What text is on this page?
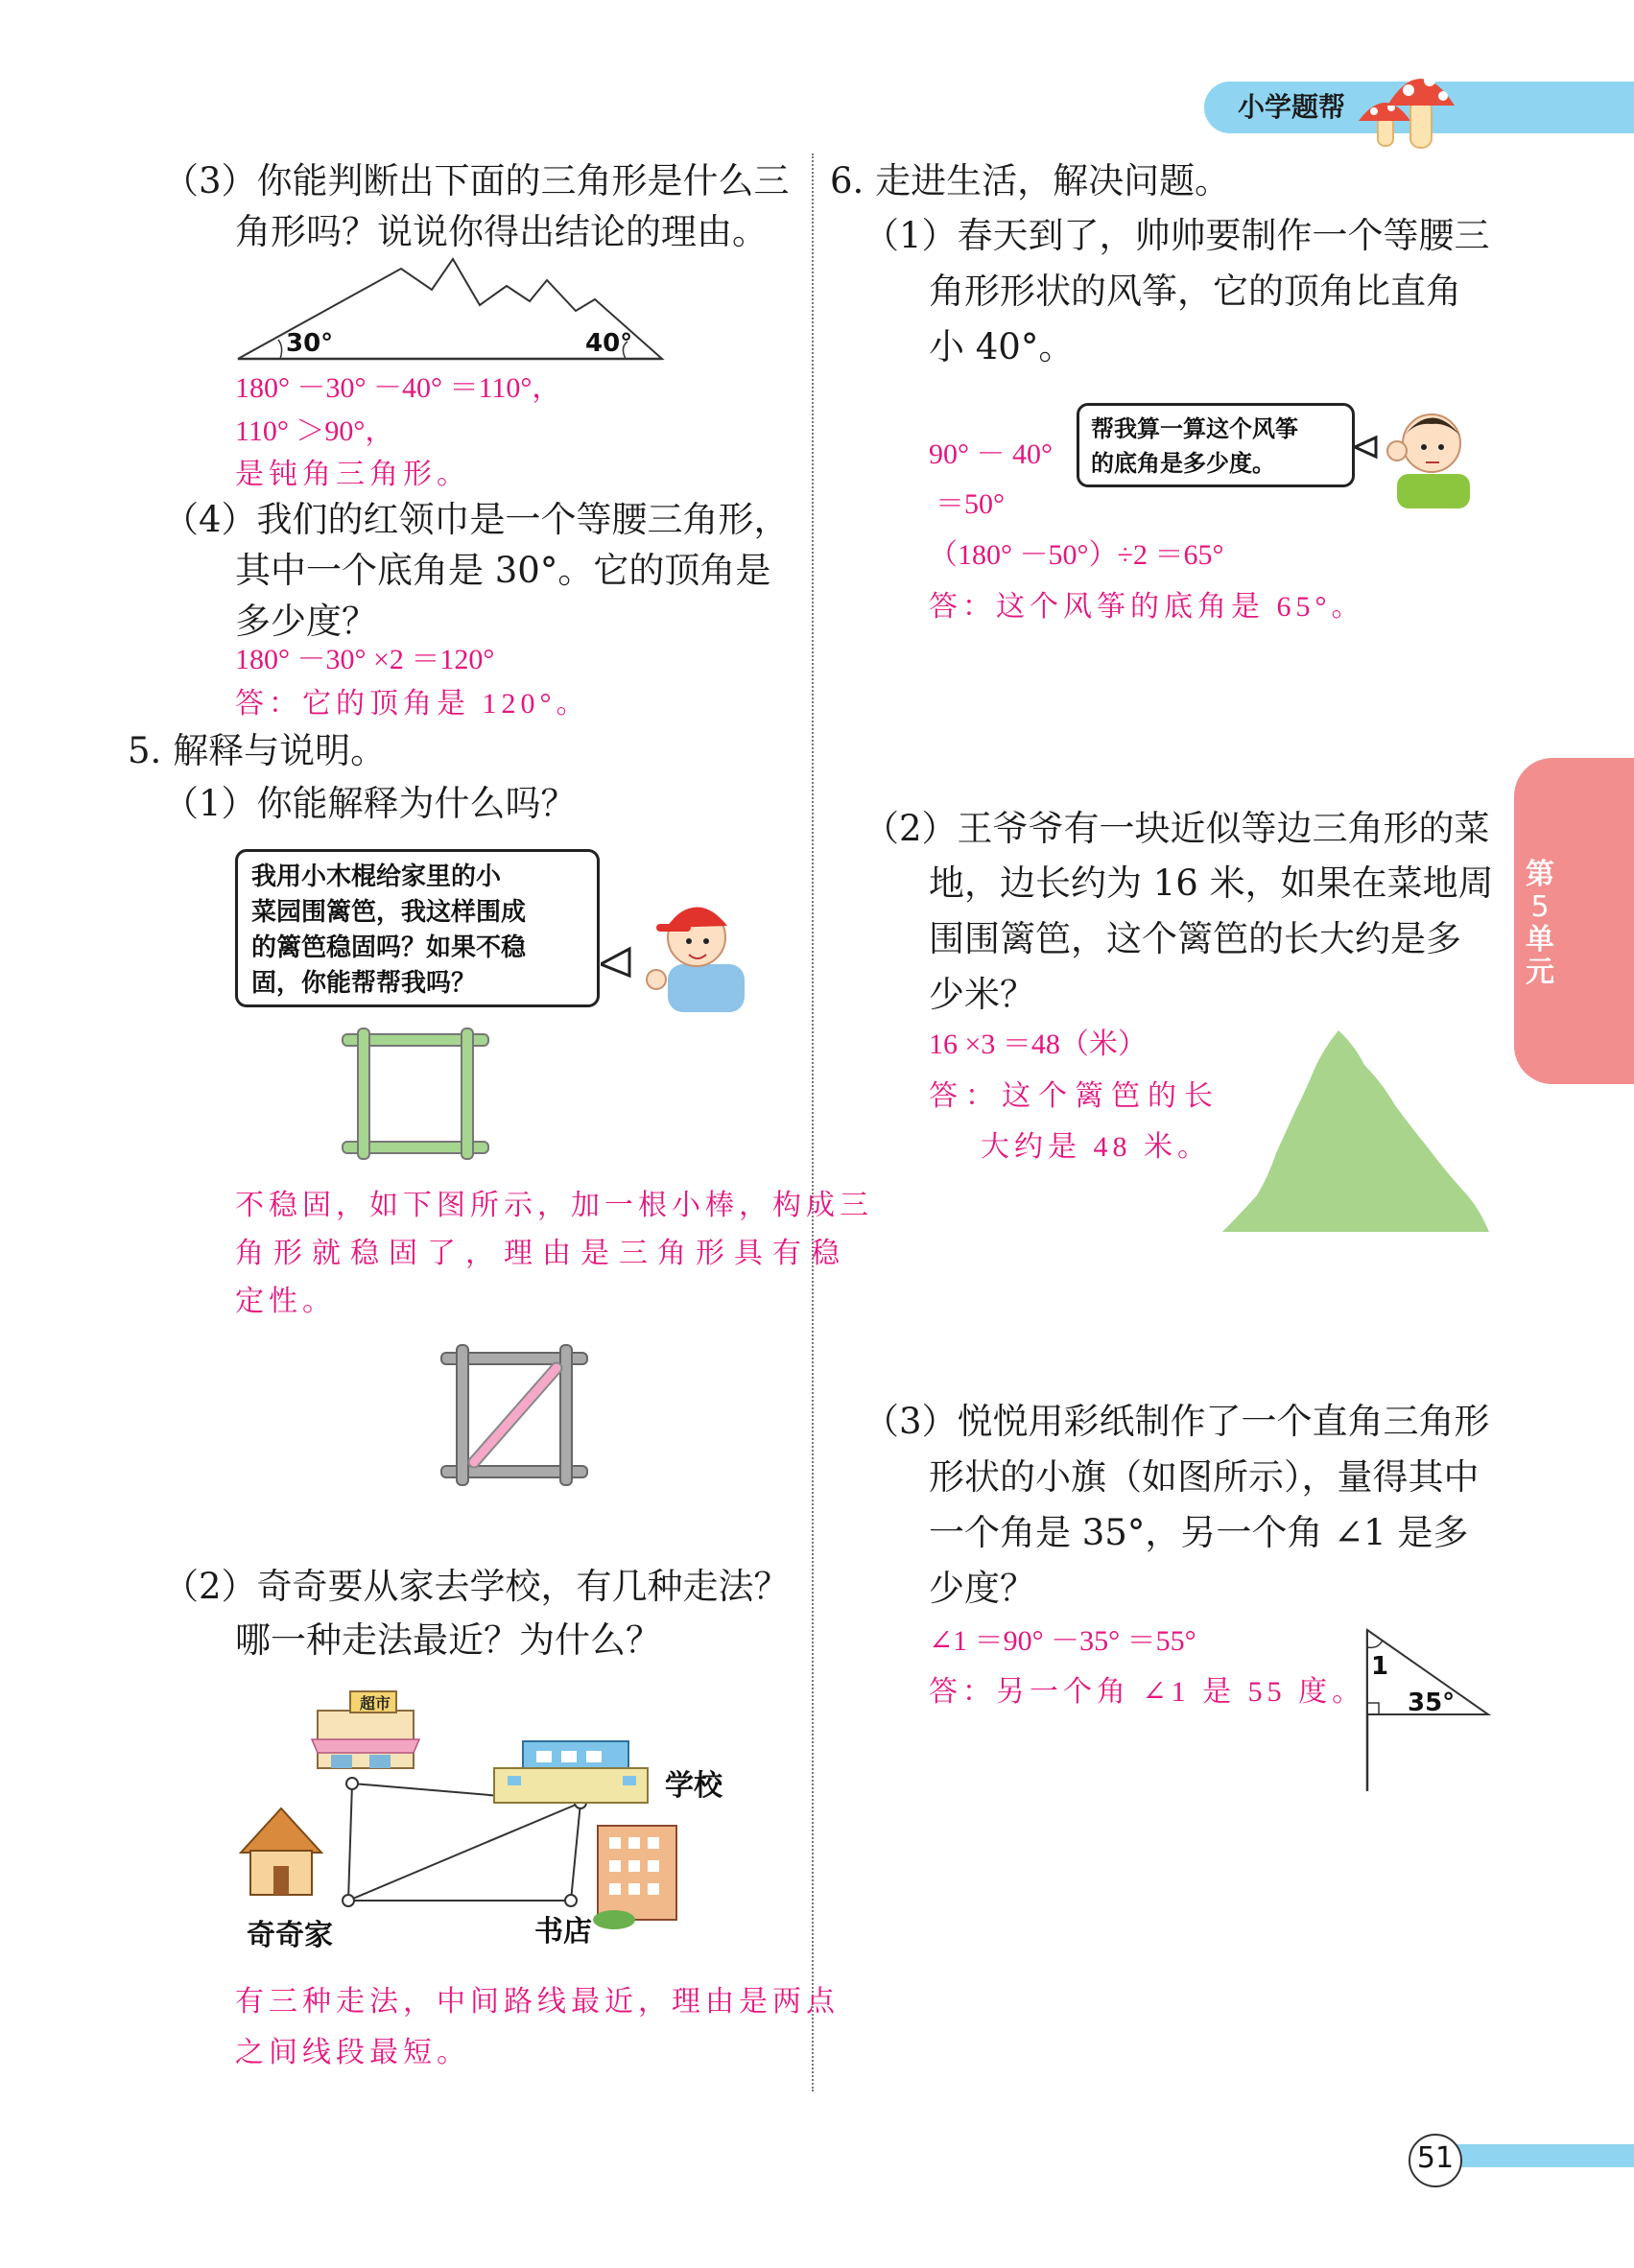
小学题帮
第
5
单
元
（3）你能判断出下面的三角形是什么三
角形吗？说说你得出结论的理由。
30°	40°
180° －30° －40° ＝110°，
110° ＞90°，
是钝角三角形。
（4）我们的红领巾是一个等腰三角形，
其中一个底角是 30°。它的顶角是
多少度？
180° －30° ×2 ＝120°
答：它的顶角是 120°。
5. 解释与说明。
（1）你能解释为什么吗？
我用小木棍给家里的小
菜园围篱笆，我这样围成
的篱笆稳固吗？如果不稳
固，你能帮帮我吗？
不稳固，如下图所示，加一根小棒，构成三
角形就稳固了，理由是三角形具有稳
定性。
（2）奇奇要从家去学校，有几种走法？
哪一种走法最近？为什么？
超市
学校
奇奇家	书店
有三种走法，中间路线最近，理由是两点
之间线段最短。
6. 走进生活，解决问题。
（1）春天到了，帅帅要制作一个等腰三
角形形状的风筝，它的顶角比直角
小 40°。
帮我算一算这个风筝
的底角是多少度。
90° － 40°
＝50°
（180° －50°）÷2 ＝65°
答：这个风筝的底角是 65°。
（2）王爷爷有一块近似等边三角形的菜
地，边长约为 16 米，如果在菜地周
围围篱笆，这个篱笆的长大约是多
少米？
16 ×3 ＝48（米）
答：这个篱笆的长
大约是 48 米。
（3）悦悦用彩纸制作了一个直角三角形
形状的小旗（如图所示），量得其中
一个角是 35°，另一个角 ∠1 是多
少度？
∠1 ＝90° －35° ＝55°
答：另一个角 ∠1 是 55 度。
1
35°
51
